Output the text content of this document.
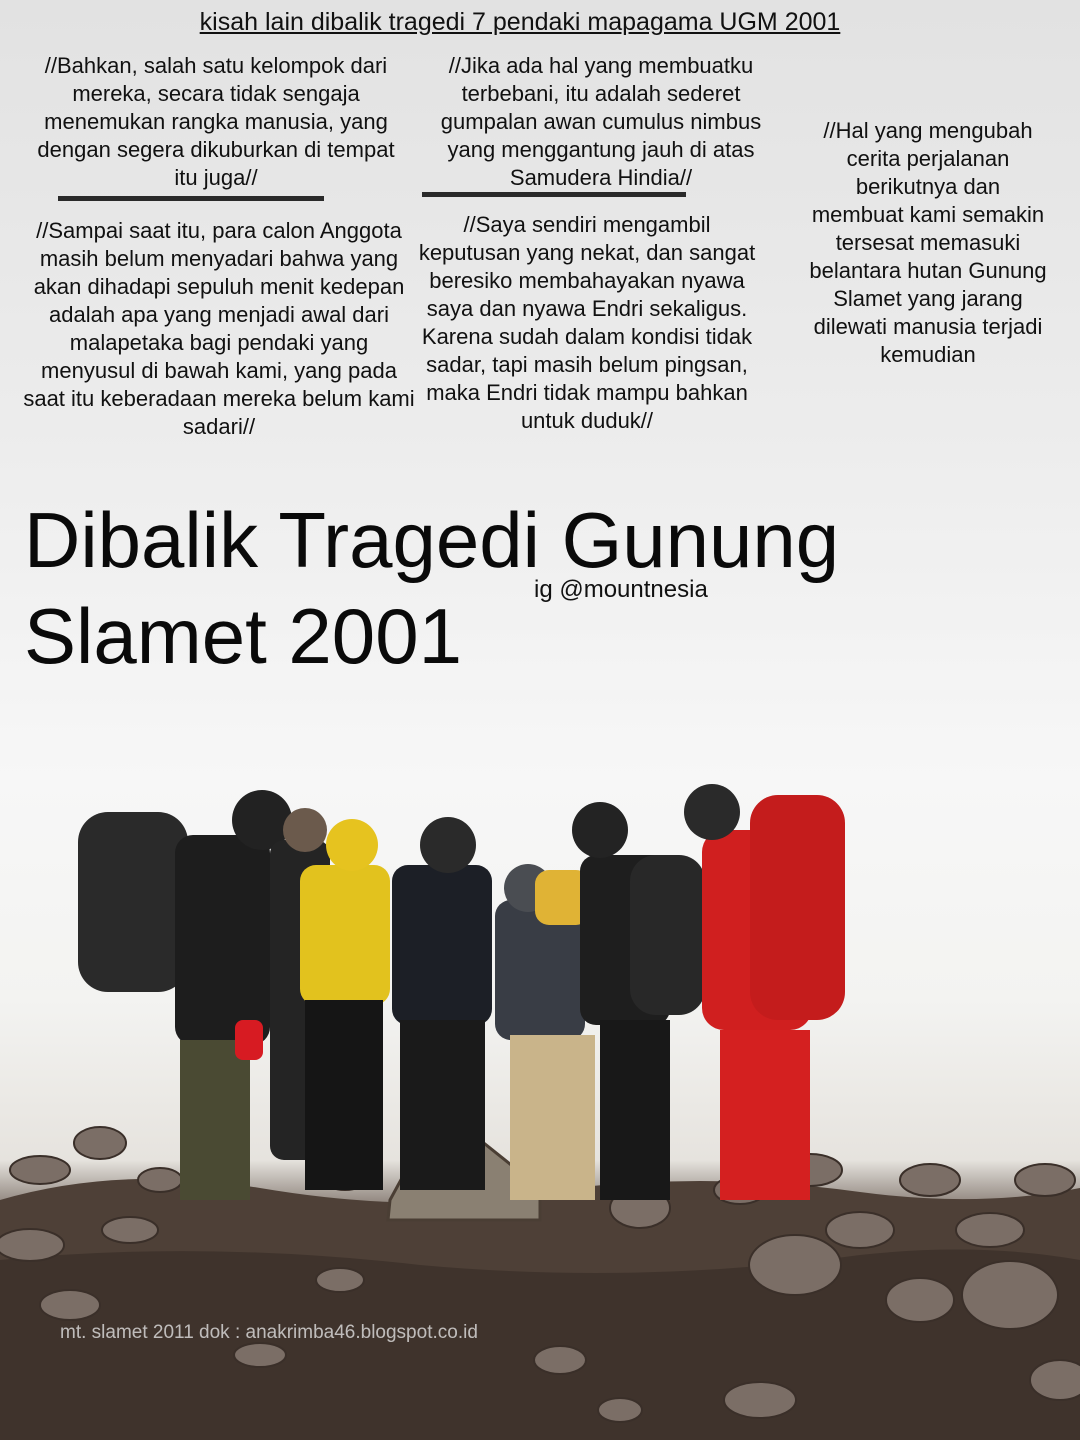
kisah lain dibalik tragedi 7 pendaki mapagama UGM 2001
//Bahkan, salah satu kelompok dari mereka, secara tidak sengaja menemukan rangka manusia, yang dengan segera dikuburkan di tempat itu juga//
//Jika ada hal yang membuatku terbebani, itu adalah sederet gumpalan awan cumulus nimbus yang menggantung jauh di atas Samudera Hindia//
//Hal yang mengubah cerita perjalanan berikutnya dan membuat kami semakin tersesat memasuki belantara hutan Gunung Slamet yang jarang dilewati manusia terjadi kemudian
//Sampai saat itu, para calon Anggota masih belum menyadari bahwa yang akan dihadapi sepuluh menit kedepan adalah apa yang menjadi awal dari malapetaka bagi pendaki yang menyusul di bawah kami, yang pada saat itu keberadaan mereka belum kami sadari//
//Saya sendiri mengambil keputusan yang nekat, dan sangat beresiko membahayakan nyawa saya dan nyawa Endri sekaligus. Karena sudah dalam kondisi tidak sadar, tapi masih belum pingsan, maka Endri tidak mampu bahkan untuk duduk//
Dibalik Tragedi Gunung Slamet 2001
ig @mountnesia
mt. slamet 2011 dok : anakrimba46.blogspot.co.id
